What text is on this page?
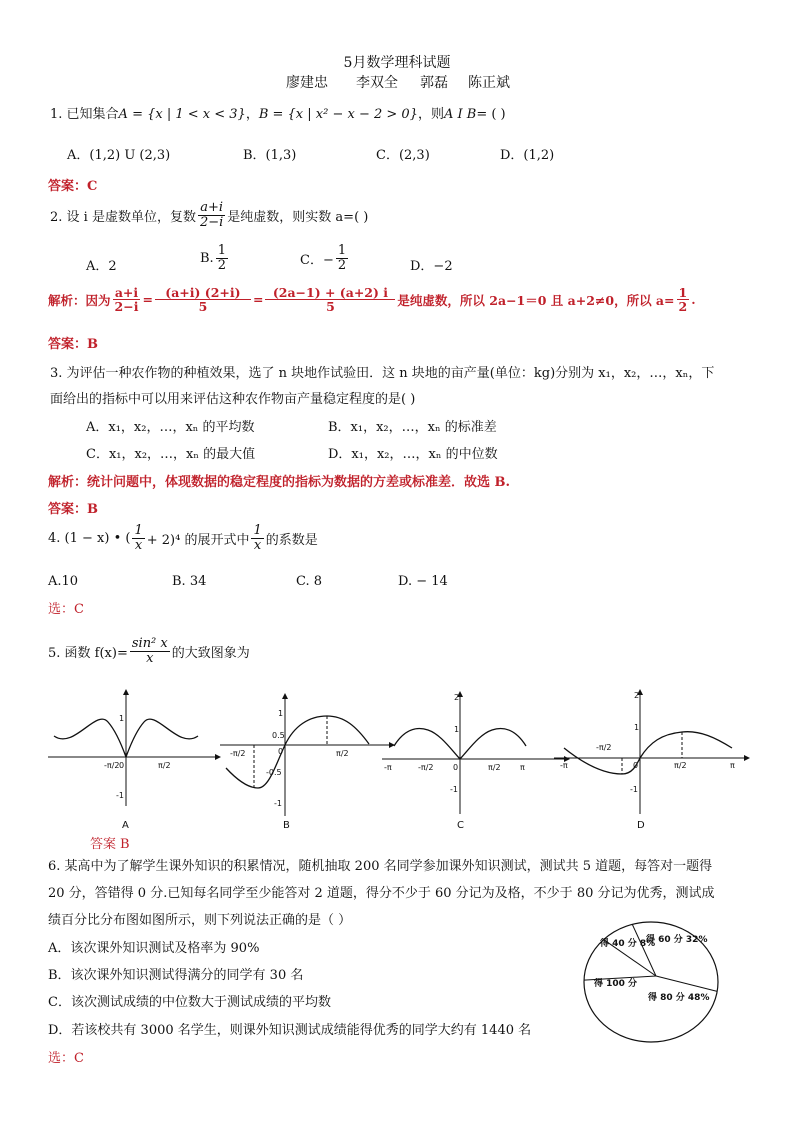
5月数学理科试题
廖建忠 李双全 郭磊 陈正斌
1. 已知集合A = {x | 1 < x < 3}，B = {x | x² − x − 2 > 0}，则A I B= ( )
A．(1,2) U (2,3)	B．(1,3)	C．(2,3)	D．(1,2)
答案：C
2. 设 i 是虚数单位，复数 $\frac{a+i}{2-i}$ 是纯虚数，则实数 a=( )
A．2
B. $\frac{1}{2}$	C．− $\frac{1}{2}$	D．−2
解析： 因为 $\frac{a+i}{2-i} = \frac{(a+i) (2+i)}{5} = \frac{(2a-1) + (a+2) i}{5}$ 是纯虚数，所以 2a−1＝0 且 a+2≠0，所以 $a= \frac{1}{2}$ .
答案：B
3. 为评估一种农作物的种植效果，选了 n 块地作试验田．这 n 块地的亩产量(单位：kg)分别为 x₁，x₂，…，xₙ，下
面给出的指标中可以用来评估这种农作物亩产量稳定程度的是( )
A．x₁，x₂，…，xₙ 的平均数	B．x₁，x₂，…，xₙ 的标准差
C．x₁，x₂，…，xₙ 的最大值	D．x₁，x₂，…，xₙ 的中位数
解析：统计问题中，体现数据的稳定程度的指标为数据的方差或标准差．故选 B.
答案：B
4. (1 − x) • ( $\frac{1}{x} + 2)^4$ 的展开式中 $\frac{1}{x}$ 的系数是
A.10	B. 34	C. 8	D. − 14
选：C
5. 函数 $f(x)= \frac{\text{sin² x}}{x}$ 的大致图象为
-π/2	π/2
0
1
-1
A
-π/2	π/2
0
1
0.5
-0.5
-1
B
-π	-π/2	π/2 π
0
2
1
-1
C
-π
-π/2
π/2	π
0
2
1
-1
D
答案 B
6. 某高中为了解学生课外知识的积累情况，随机抽取 200 名同学参加课外知识测试，测试共 5 道题，每答对一题得
20 分，答错得 0 分.已知每名同学至少能答对 2 道题，得分不少于 60 分记为及格，不少于 80 分记为优秀，测试成
绩百分比分布图如图所示，则下列说法正确的是（ ）
A．该次课外知识测试及格率为 90%
B．该次课外知识测试得满分的同学有 30 名
C．该次测试成绩的中位数大于测试成绩的平均数
D．若该校共有 3000 名学生，则课外知识测试成绩能得优秀的同学大约有 1440 名
选：C
得 40 分 8%
得 60 分 32%
得 80 分 48%
得 100 分
